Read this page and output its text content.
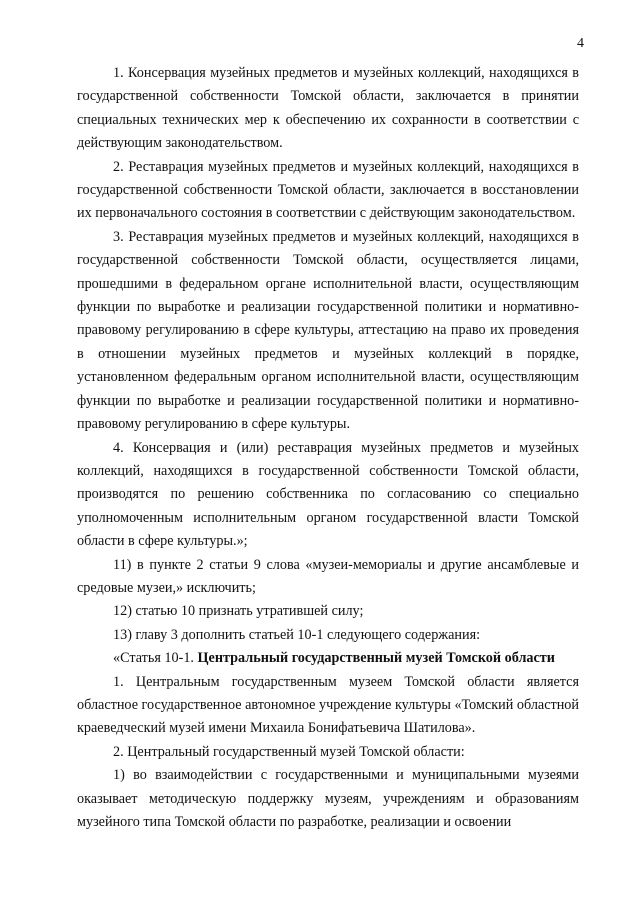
4

1. Консервация музейных предметов и музейных коллекций, находящихся в государственной собственности Томской области, заключается в принятии специальных технических мер к обеспечению их сохранности в соответствии с действующим законодательством.

2. Реставрация музейных предметов и музейных коллекций, находящихся в государственной собственности Томской области, заключается в восстановлении их первоначального состояния в соответствии с действующим законодательством.

3. Реставрация музейных предметов и музейных коллекций, находящихся в государственной собственности Томской области, осуществляется лицами, прошедшими в федеральном органе исполнительной власти, осуществляющим функции по выработке и реализации государственной политики и нормативно-правовому регулированию в сфере культуры, аттестацию на право их проведения в отношении музейных предметов и музейных коллекций в порядке, установленном федеральным органом исполнительной власти, осуществляющим функции по выработке и реализации государственной политики и нормативно-правовому регулированию в сфере культуры.

4. Консервация и (или) реставрация музейных предметов и музейных коллекций, находящихся в государственной собственности Томской области, производятся по решению собственника по согласованию со специально уполномоченным исполнительным органом государственной власти Томской области в сфере культуры.»;

11) в пункте 2 статьи 9 слова «музеи-мемориалы и другие ансамблевые и средовые музеи,» исключить;

12) статью 10 признать утратившей силу;

13) главу 3 дополнить статьей 10-1 следующего содержания:

«Статья 10-1. Центральный государственный музей Томской области

1. Центральным государственным музеем Томской области является областное государственное автономное учреждение культуры «Томский областной краеведческий музей имени Михаила Бонифатьевича Шатилова».

2. Центральный государственный музей Томской области:

1) во взаимодействии с государственными и муниципальными музеями оказывает методическую поддержку музеям, учреждениям и образованиям музейного типа Томской области по разработке, реализации и освоении
